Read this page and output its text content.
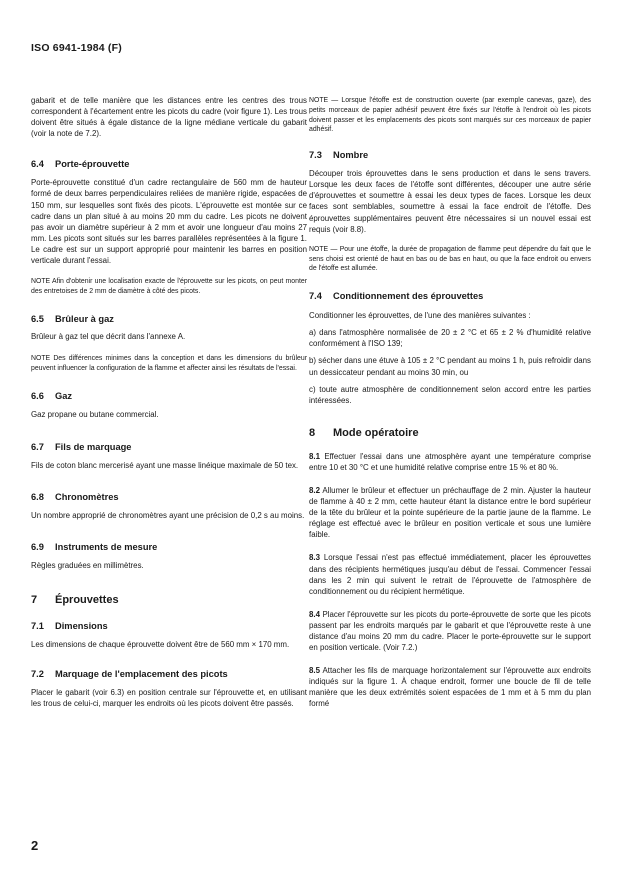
ISO 6941-1984 (F)

gabarit et de telle manière que les distances entre les centres des trous correspondent à l'écartement entre les picots du cadre (voir figure 1). Les trous doivent être situés à égale distance de la ligne médiane verticale du gabarit (voir la note de 7.2).

6.4 Porte-éprouvette

Porte-éprouvette constitué d'un cadre rectangulaire de 560 mm de hauteur formé de deux barres perpendiculaires reliées de manière rigide, espacées de 150 mm, sur lesquelles sont fixés des picots. L'éprouvette est montée sur ce cadre dans un plan situé à au moins 20 mm du cadre. Les picots ne doivent pas avoir un diamètre supérieur à 2 mm et avoir une longueur d'au moins 27 mm. Les picots sont situés sur les barres parallèles représentées à la figure 1. Le cadre est sur un support approprié pour maintenir les barres en position verticale durant l'essai.

NOTE Afin d'obtenir une localisation exacte de l'éprouvette sur les picots, on peut monter des entretoises de 2 mm de diamètre à côté des picots.

6.5 Brûleur à gaz

Brûleur à gaz tel que décrit dans l'annexe A.

NOTE Des différences minimes dans la conception et dans les dimensions du brûleur peuvent influencer la configuration de la flamme et affecter ainsi les résultats de l'essai.

6.6 Gaz

Gaz propane ou butane commercial.

6.7 Fils de marquage

Fils de coton blanc mercerisé ayant une masse linéique maximale de 50 tex.

6.8 Chronomètres

Un nombre approprié de chronomètres ayant une précision de 0,2 s au moins.

6.9 Instruments de mesure

Règles graduées en millimètres.

7 Éprouvettes
7.1 Dimensions

Les dimensions de chaque éprouvette doivent être de 560 mm × 170 mm.

7.2 Marquage de l'emplacement des picots

Placer le gabarit (voir 6.3) en position centrale sur l'éprouvette et, en utilisant les trous de celui-ci, marquer les endroits où les picots doivent être passés.

NOTE — Lorsque l'étoffe est de construction ouverte (par exemple canevas, gaze), des petits morceaux de papier adhésif peuvent être fixés sur l'étoffe à l'endroit où les picots doivent passer et les emplacements des picots sont marqués sur ces morceaux de papier adhésif.

7.3 Nombre

Découper trois éprouvettes dans le sens production et dans le sens travers. Lorsque les deux faces de l'étoffe sont différentes, découper une autre série d'éprouvettes et soumettre à essai les deux types de faces. Lorsque les deux faces sont semblables, soumettre à essai la face endroit de l'étoffe. Des éprouvettes supplémentaires peuvent être nécessaires si un nouvel essai est requis (voir 8.8).

NOTE — Pour une étoffe, la durée de propagation de flamme peut dépendre du fait que le sens choisi est orienté de haut en bas ou de bas en haut, ou que la face endroit ou envers de l'étoffe est allumée.

7.4 Conditionnement des éprouvettes

Conditionner les éprouvettes, de l'une des manières suivantes :

a) dans l'atmosphère normalisée de 20 ± 2 °C et 65 ± 2 % d'humidité relative conformément à l'ISO 139;

b) sécher dans une étuve à 105 ± 2 °C pendant au moins 1 h, puis refroidir dans un dessiccateur pendant au moins 30 min, ou

c) toute autre atmosphère de conditionnement selon accord entre les parties intéressées.

8 Mode opératoire

8.1 Effectuer l'essai dans une atmosphère ayant une température comprise entre 10 et 30 °C et une humidité relative comprise entre 15 % et 80 %.

8.2 Allumer le brûleur et effectuer un préchauffage de 2 min. Ajuster la hauteur de flamme à 40 ± 2 mm, cette hauteur étant la distance entre le bord supérieur de la tête du brûleur et la pointe supérieure de la partie jaune de la flamme. Le réglage est effectué avec le brûleur en position verticale et sous une lumière faible.

8.3 Lorsque l'essai n'est pas effectué immédiatement, placer les éprouvettes dans des récipients hermétiques jusqu'au début de l'essai. Commencer l'essai dans les 2 min qui suivent le retrait de l'éprouvette de l'atmosphère de conditionnement ou du récipient hermétique.

8.4 Placer l'éprouvette sur les picots du porte-éprouvette de sorte que les picots passent par les endroits marqués par le gabarit et que l'éprouvette reste à une distance d'au moins 20 mm du cadre. Placer le porte-éprouvette sur le support en position verticale. (Voir 7.2.)

8.5 Attacher les fils de marquage horizontalement sur l'éprouvette aux endroits indiqués sur la figure 1. À chaque endroit, former une boucle de fil de telle manière que les deux extrémités soient espacées de 1 mm et à 5 mm du plan formé

2
